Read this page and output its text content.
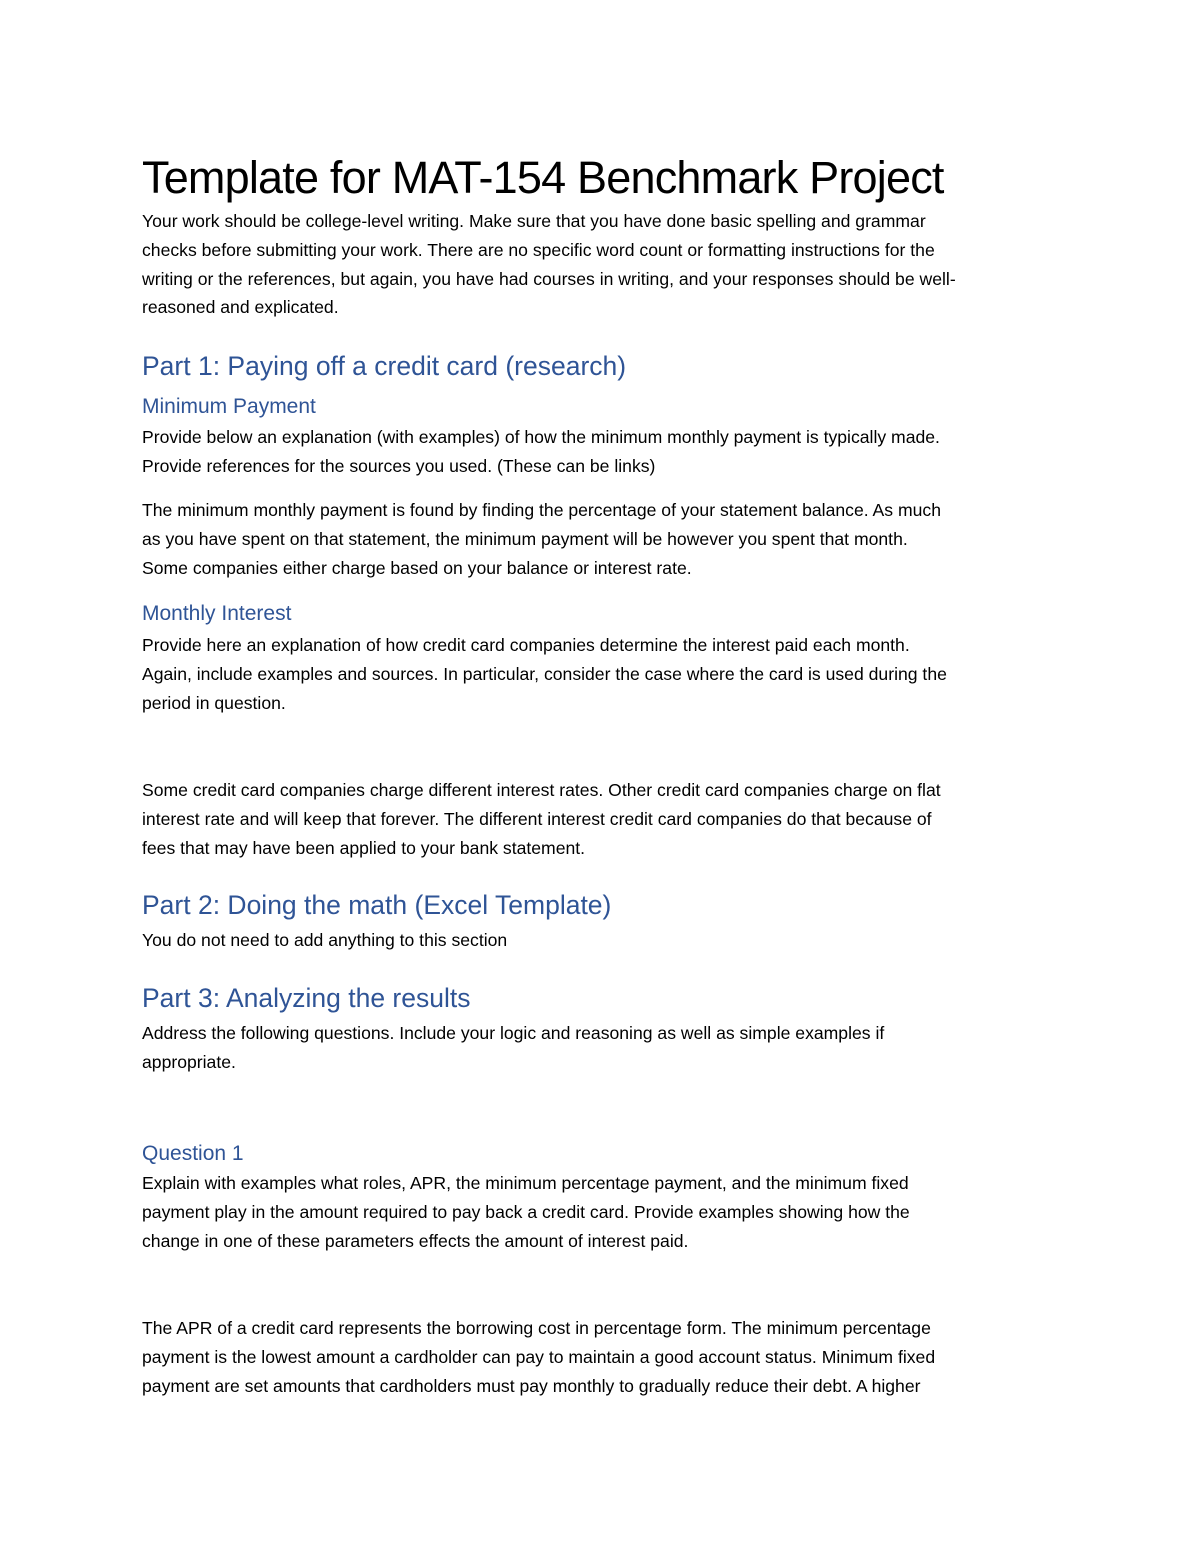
Template for MAT-154 Benchmark Project

Your work should be college-level writing. Make sure that you have done basic spelling and grammar
checks before submitting your work. There are no specific word count or formatting instructions for the
writing or the references, but again, you have had courses in writing, and your responses should be well-
reasoned and explicated.

Part 1: Paying off a credit card (research)
Minimum Payment

Provide below an explanation (with examples) of how the minimum monthly payment is typically made.
Provide references for the sources you used. (These can be links)

The minimum monthly payment is found by finding the percentage of your statement balance. As much
as you have spent on that statement, the minimum payment will be however you spent that month.
Some companies either charge based on your balance or interest rate.

Monthly Interest

Provide here an explanation of how credit card companies determine the interest paid each month.
Again, include examples and sources. In particular, consider the case where the card is used during the
period in question.

Some credit card companies charge different interest rates. Other credit card companies charge on flat
interest rate and will keep that forever. The different interest credit card companies do that because of
fees that may have been applied to your bank statement.

Part 2: Doing the math (Excel Template)

You do not need to add anything to this section

Part 3: Analyzing the results

Address the following questions. Include your logic and reasoning as well as simple examples if
appropriate.

Question 1

Explain with examples what roles, APR, the minimum percentage payment, and the minimum fixed
payment play in the amount required to pay back a credit card. Provide examples showing how the
change in one of these parameters effects the amount of interest paid.

The APR of a credit card represents the borrowing cost in percentage form. The minimum percentage
payment is the lowest amount a cardholder can pay to maintain a good account status. Minimum fixed
payment are set amounts that cardholders must pay monthly to gradually reduce their debt. A higher
